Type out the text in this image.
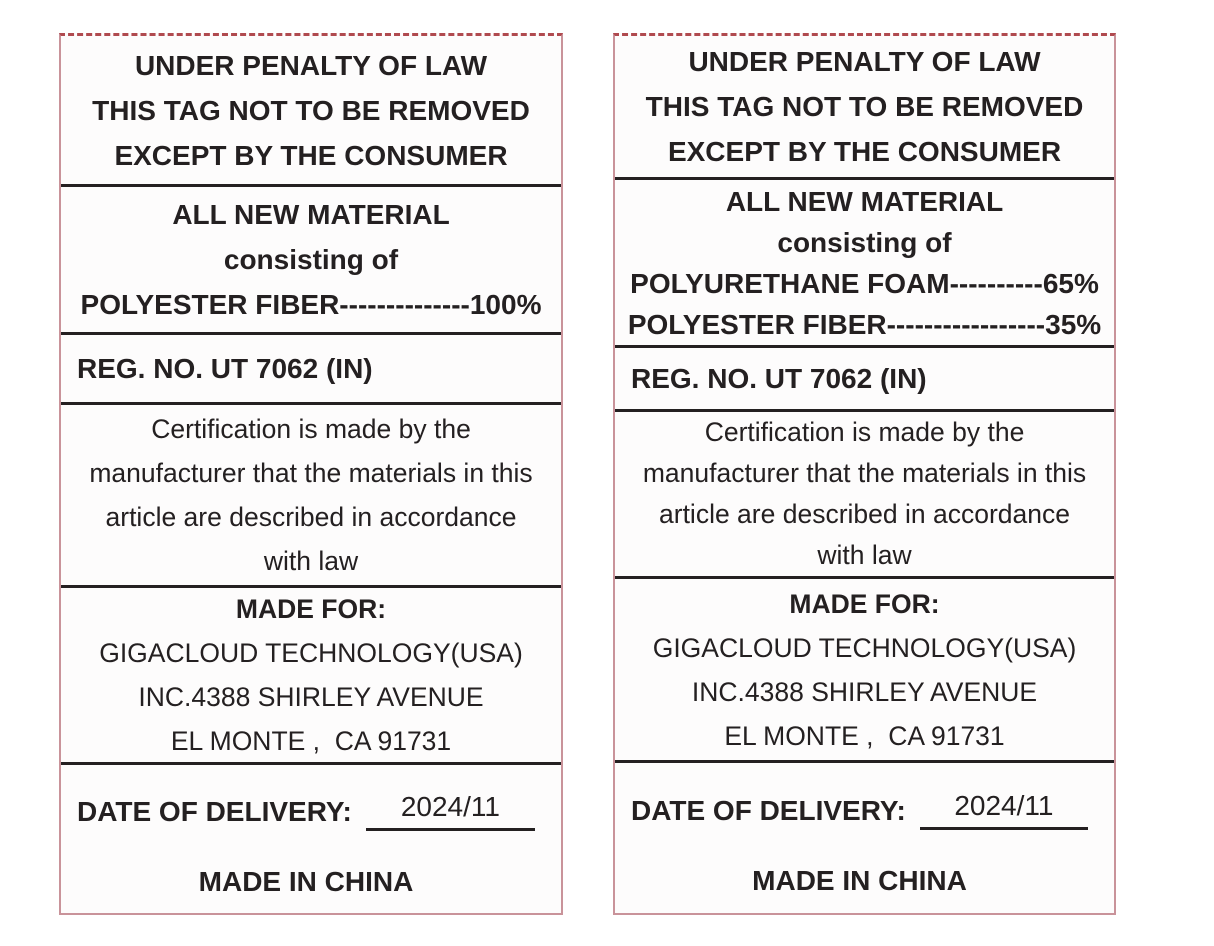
UNDER PENALTY OF LAW
THIS TAG NOT TO BE REMOVED
EXCEPT BY THE CONSUMER
ALL NEW MATERIAL
consisting of
POLYESTER FIBER--------------100%
REG. NO. UT 7062 (IN)
Certification is made by the
manufacturer that the materials in this
article are described in accordance
with law
MADE FOR:
GIGACLOUD TECHNOLOGY(USA)
INC.4388 SHIRLEY AVENUE
EL MONTE ,  CA 91731
DATE OF DELIVERY:	2024/11
MADE IN CHINA
UNDER PENALTY OF LAW
THIS TAG NOT TO BE REMOVED
EXCEPT BY THE CONSUMER
ALL NEW MATERIAL
consisting of
POLYURETHANE FOAM----------65%
POLYESTER FIBER-----------------35%
REG. NO. UT 7062 (IN)
Certification is made by the
manufacturer that the materials in this
article are described in accordance
with law
MADE FOR:
GIGACLOUD TECHNOLOGY(USA)
INC.4388 SHIRLEY AVENUE
EL MONTE ,  CA 91731
DATE OF DELIVERY:	2024/11
MADE IN CHINA
